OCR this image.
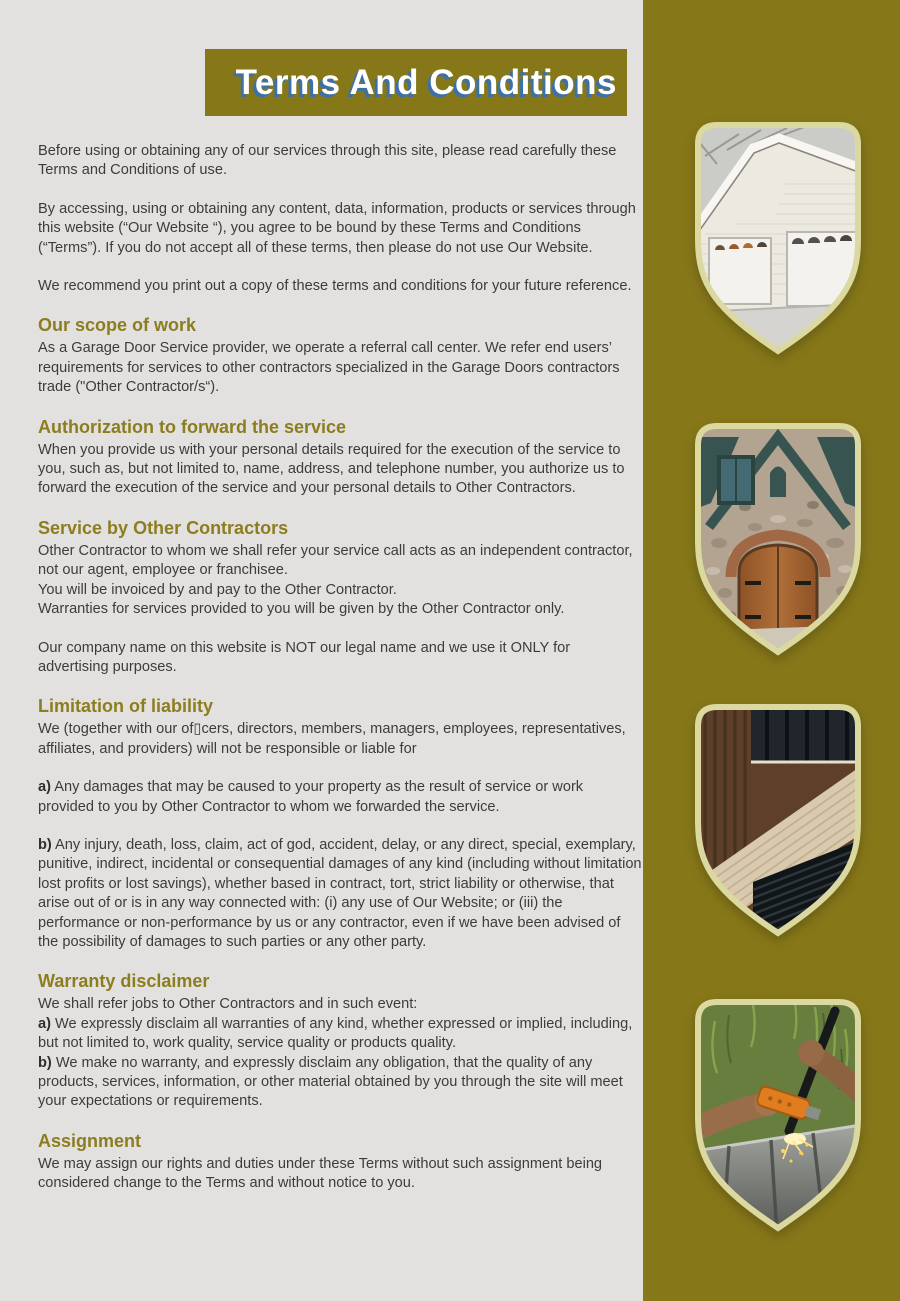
Terms And Conditions

Before using or obtaining any of our services through this site, please read carefully these Terms and Conditions of use.

By accessing, using or obtaining any content, data, information, products or services through this website (“Our Website “), you agree to be bound by these Terms and Conditions (“Terms”). If you do not accept all of these terms, then please do not use Our Website.

We recommend you print out a copy of these terms and conditions for your future reference.

Our scope of work

As a Garage Door Service provider, we operate a referral call center. We refer end users’ requirements for services to other contractors specialized in the Garage Doors contractors trade ("Other Contractor/s“).

Authorization to forward the service

When you provide us with your personal details required for the execution of the service to you, such as, but not limited to, name, address, and telephone number, you authorize us to forward the execution of the service and your personal details to Other Contractors.

Service by Other Contractors

Other Contractor to whom we shall refer your service call acts as an independent contractor, not our agent, employee or franchisee.

You will be invoiced by and pay to the Other Contractor.

Warranties for services provided to you will be given by the Other Contractor only.

Our company name on this website is NOT our legal name and we use it ONLY for advertising purposes.

Limitation of liability

We (together with our of▯cers, directors, members, managers, employees, representatives, affiliates, and providers) will not be responsible or liable for

a) Any damages that may be caused to your property as the result of service or work provided to you by Other Contractor to whom we forwarded the service.

b) Any injury, death, loss, claim, act of god, accident, delay, or any direct, special, exemplary, punitive, indirect, incidental or consequential damages of any kind (including without limitation lost profits or lost savings), whether based in contract, tort, strict liability or otherwise, that arise out of or is in any way connected with: (i) any use of Our Website; or (iii) the performance or non-performance by us or any contractor, even if we have been advised of the possibility of damages to such parties or any other party.

Warranty disclaimer

We shall refer jobs to Other Contractors and in such event:

a) We expressly disclaim all warranties of any kind, whether expressed or implied, including, but not limited to, work quality, service quality or products quality.

b) We make no warranty, and expressly disclaim any obligation, that the quality of any products, services, information, or other material obtained by you through the site will meet your expectations or requirements.

Assignment

We may assign our rights and duties under these Terms without such assignment being considered change to the Terms and without notice to you.
